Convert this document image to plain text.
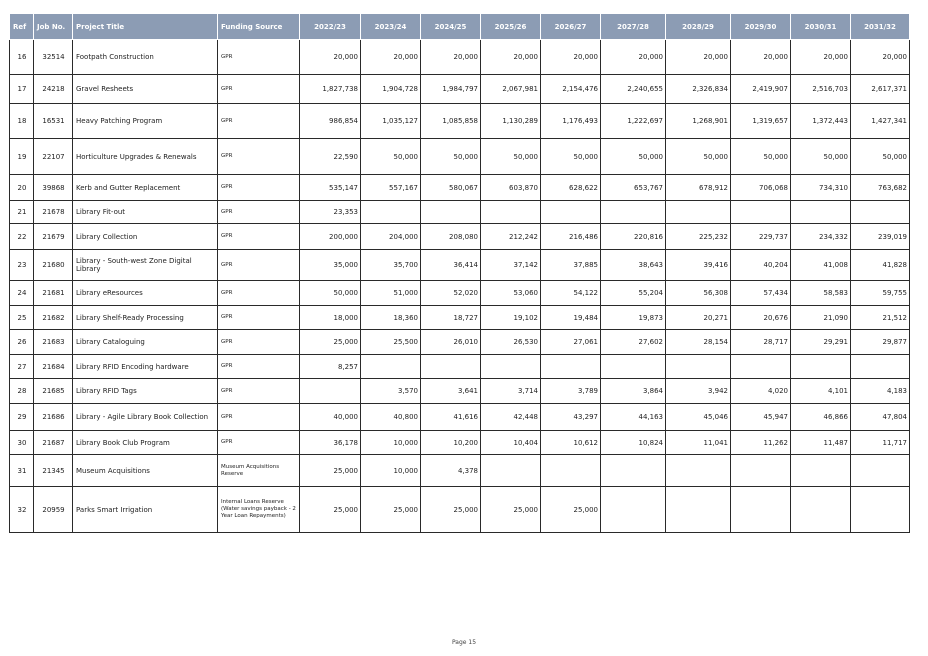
Ref	Job No.	Project Title	Funding Source	2022/23	2023/24	2024/25	2025/26	2026/27	2027/28	2028/29	2029/30	2030/31	2031/32
16	32514	Footpath Construction	GPR	20,000	20,000	20,000	20,000	20,000	20,000	20,000	20,000	20,000	20,000
17	24218	Gravel Resheets	GPR	1,827,738	1,904,728	1,984,797	2,067,981	2,154,476	2,240,655	2,326,834	2,419,907	2,516,703	2,617,371
18	16531	Heavy Patching Program	GPR	986,854	1,035,127	1,085,858	1,130,289	1,176,493	1,222,697	1,268,901	1,319,657	1,372,443	1,427,341
19	22107	Horticulture Upgrades & Renewals	GPR	22,590	50,000	50,000	50,000	50,000	50,000	50,000	50,000	50,000	50,000
20	39868	Kerb and Gutter Replacement	GPR	535,147	557,167	580,067	603,870	628,622	653,767	678,912	706,068	734,310	763,682
21	21678	Library Fit-out	GPR	23,353									
22	21679	Library Collection	GPR	200,000	204,000	208,080	212,242	216,486	220,816	225,232	229,737	234,332	239,019
23	21680	Library - South-west Zone Digital Library	GPR	35,000	35,700	36,414	37,142	37,885	38,643	39,416	40,204	41,008	41,828
24	21681	Library eResources	GPR	50,000	51,000	52,020	53,060	54,122	55,204	56,308	57,434	58,583	59,755
25	21682	Library Shelf-Ready Processing	GPR	18,000	18,360	18,727	19,102	19,484	19,873	20,271	20,676	21,090	21,512
26	21683	Library Cataloguing	GPR	25,000	25,500	26,010	26,530	27,061	27,602	28,154	28,717	29,291	29,877
27	21684	Library RFID Encoding hardware	GPR	8,257									
28	21685	Library RFID Tags	GPR		3,570	3,641	3,714	3,789	3,864	3,942	4,020	4,101	4,183
29	21686	Library - Agile Library Book Collection	GPR	40,000	40,800	41,616	42,448	43,297	44,163	45,046	45,947	46,866	47,804
30	21687	Library Book Club Program	GPR	36,178	10,000	10,200	10,404	10,612	10,824	11,041	11,262	11,487	11,717
31	21345	Museum Acquisitions	Museum Acquisitions Reserve	25,000	10,000	4,378							
32	20959	Parks Smart Irrigation	Internal Loans Reserve (Water savings payback - 2 Year Loan Repayments)	25,000	25,000	25,000	25,000	25,000					
Page 15
